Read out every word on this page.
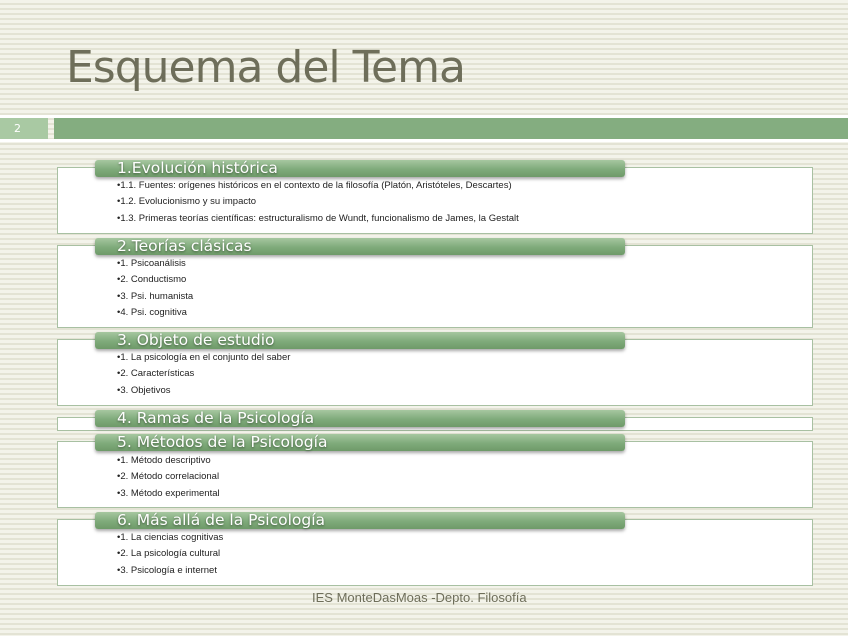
Esquema del Tema
2
1.Evolución histórica
•1.1. Fuentes: orígenes históricos en el contexto de la filosofía (Platón, Aristóteles, Descartes)
•1.2. Evolucionismo y su impacto
•1.3. Primeras teorías científicas: estructuralismo de Wundt, funcionalismo de James, la Gestalt
2.Teorías clásicas
•1. Psicoanálisis
•2. Conductismo
•3. Psi. humanista
•4. Psi. cognitiva
3. Objeto de estudio
•1. La psicología en el conjunto del saber
•2. Características
•3. Objetivos
4. Ramas de la Psicología
5. Métodos de la Psicología
•1. Método descriptivo
•2. Método correlacional
•3. Método experimental
6. Más allá de la Psicología
•1. La ciencias cognitivas
•2. La psicología cultural
•3. Psicología e internet
IES MonteDasMoas -Depto. Filosofía
